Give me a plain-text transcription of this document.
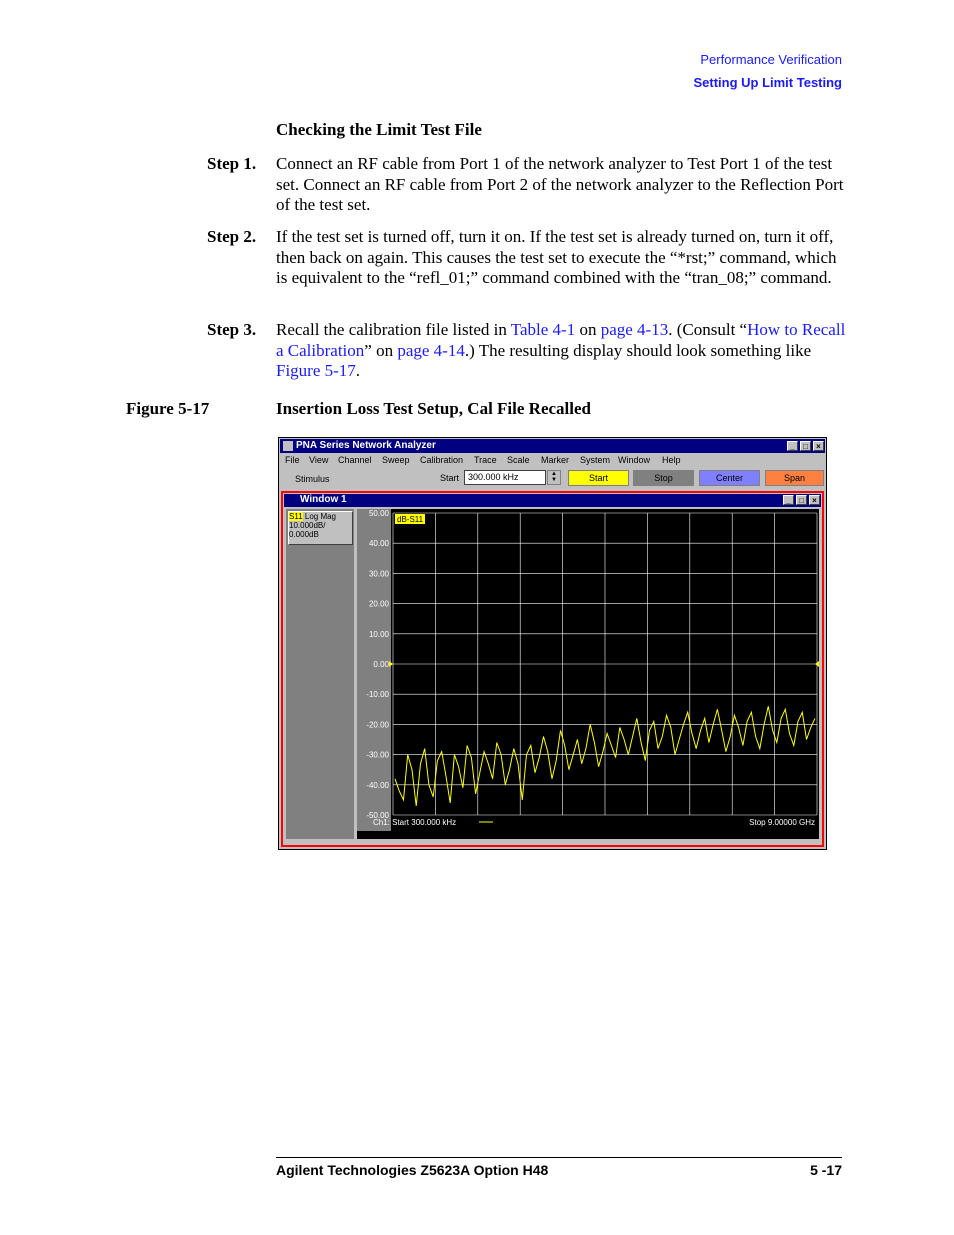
Performance Verification
Setting Up Limit Testing
Checking the Limit Test File
Step 1. Connect an RF cable from Port 1 of the network analyzer to Test Port 1 of the test set. Connect an RF cable from Port 2 of the network analyzer to the Reflection Port of the test set.
Step 2. If the test set is turned off, turn it on. If the test set is already turned on, turn it off, then back on again. This causes the test set to execute the “*rst;” command, which is equivalent to the “refl_01;” command combined with the “tran_08;” command.
Step 3. Recall the calibration file listed in Table 4-1 on page 4-13. (Consult “How to Recall a Calibration” on page 4-14.) The resulting display should look something like Figure 5-17.
Figure 5-17	Insertion Loss Test Setup, Cal File Recalled
PNA Series Network Analyzer	_	□	×
File View Channel Sweep Calibration Trace Scale Marker System Window Help
Stimulus	Start 300.000 kHz	▲
▼	Start	Stop	Center	Span
Window 1	_	□	×
S11 Log Mag
10.000dB/
0.000dB
50.00
40.00
30.00
20.00
10.00
0.00
-10.00
-20.00
-30.00
-40.00
-50.00
dB-S11
Ch1: Start 300.000 kHz	Stop 9.00000 GHz
Agilent Technologies Z5623A Option H48	5 -17
